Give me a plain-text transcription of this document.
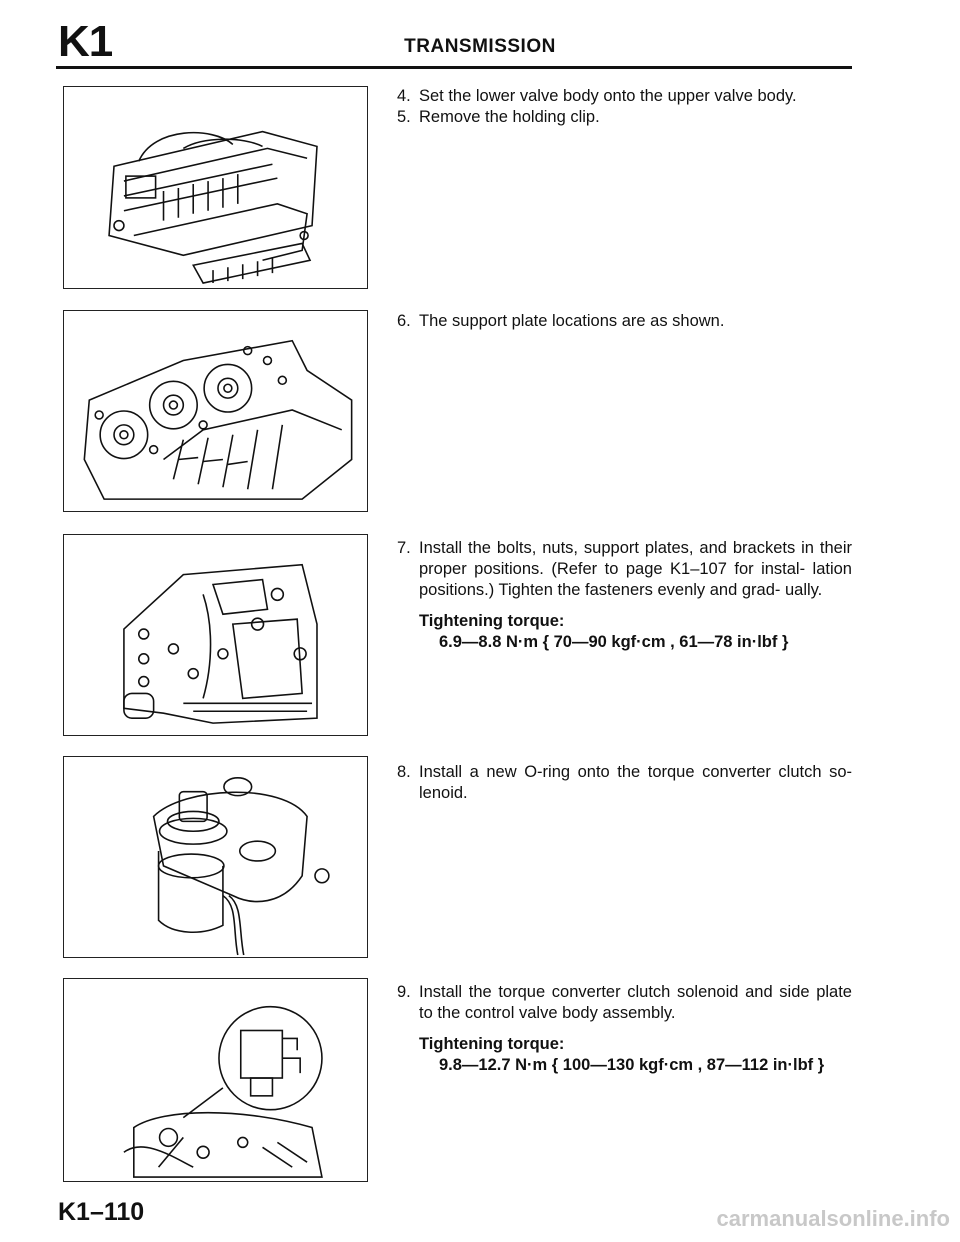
K1	TRANSMISSION
4. Set the lower valve body onto the upper valve body.
5. Remove the holding clip.
6. The support plate locations are as shown.
7. Install the bolts, nuts, support plates, and brackets in their proper positions. (Refer to page K1–107 for instal- lation positions.) Tighten the fasteners evenly and grad- ually.
Tightening torque:
6.9—8.8 N·m { 70—90 kgf·cm , 61—78 in·lbf }
8. Install a new O-ring onto the torque converter clutch so- lenoid.
9. Install the torque converter clutch solenoid and side plate to the control valve body assembly.
Tightening torque:
9.8—12.7 N·m { 100—130 kgf·cm , 87—112 in·lbf }
K1–110	carmanualsonline.info
